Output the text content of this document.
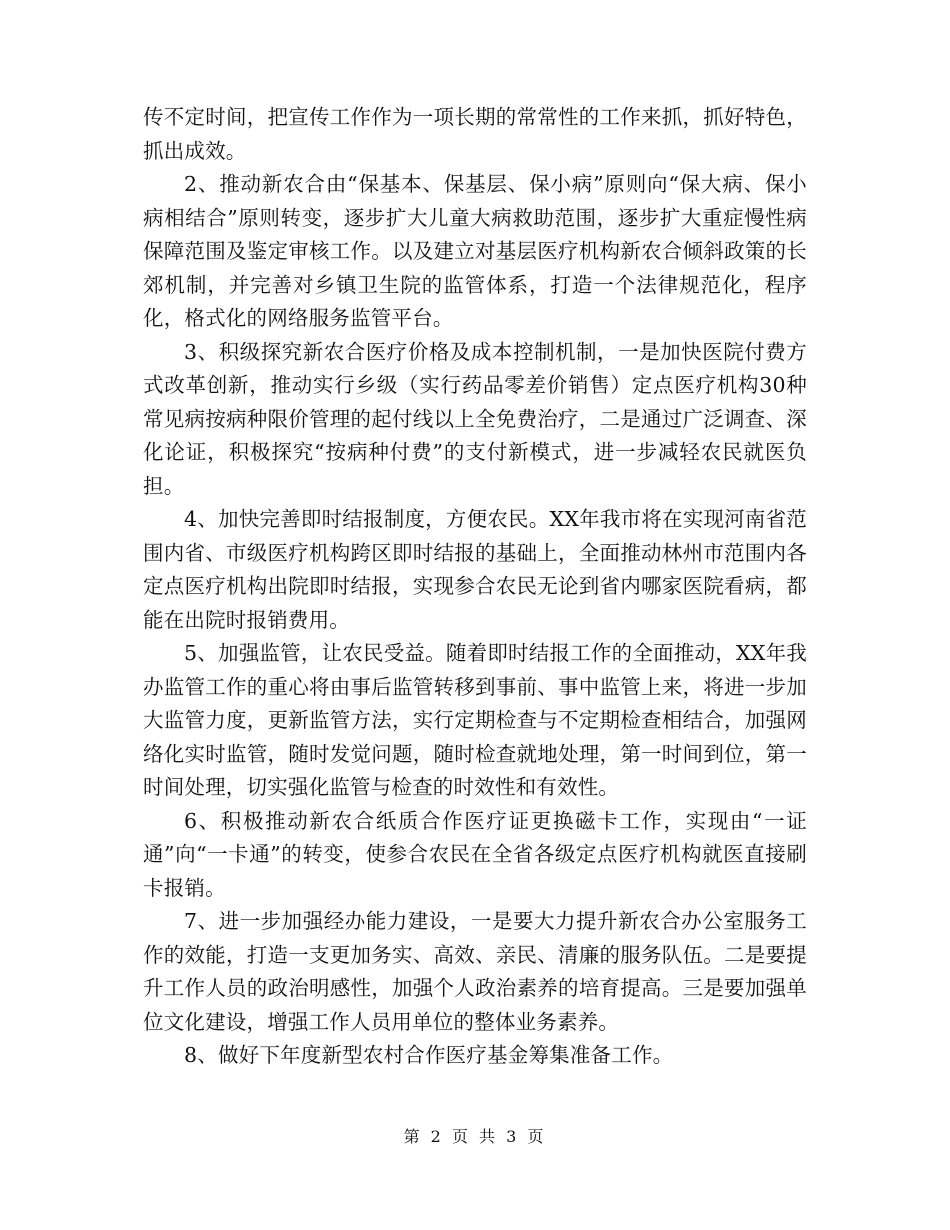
传不定时间，把宣传工作作为一项长期的常常性的工作来抓，抓好特色，抓出成效。

2、推动新农合由“保基本、保基层、保小病”原则向“保大病、保小病相结合”原则转变，逐步扩大儿童大病救助范围，逐步扩大重症慢性病保障范围及鉴定审核工作。以及建立对基层医疗机构新农合倾斜政策的长郊机制，并完善对乡镇卫生院的监管体系，打造一个法律规范化，程序化，格式化的网络服务监管平台。

3、积级探究新农合医疗价格及成本控制机制，一是加快医院付费方式改革创新，推动实行乡级（实行药品零差价销售）定点医疗机构30种常见病按病种限价管理的起付线以上全免费治疗，二是通过广泛调查、深化论证，积极探究“按病种付费”的支付新模式，进一步减轻农民就医负担。

4、加快完善即时结报制度，方便农民。XX年我市将在实现河南省范围内省、市级医疗机构跨区即时结报的基础上，全面推动林州市范围内各定点医疗机构出院即时结报，实现参合农民无论到省内哪家医院看病，都能在出院时报销费用。

5、加强监管，让农民受益。随着即时结报工作的全面推动，XX年我办监管工作的重心将由事后监管转移到事前、事中监管上来，将进一步加大监管力度，更新监管方法，实行定期检查与不定期检查相结合，加强网络化实时监管，随时发觉问题，随时检查就地处理，第一时间到位，第一时间处理，切实强化监管与检查的时效性和有效性。

6、积极推动新农合纸质合作医疗证更换磁卡工作，实现由“一证通”向“一卡通”的转变，使参合农民在全省各级定点医疗机构就医直接刷卡报销。

7、进一步加强经办能力建设，一是要大力提升新农合办公室服务工作的效能，打造一支更加务实、高效、亲民、清廉的服务队伍。二是要提升工作人员的政治明感性，加强个人政治素养的培育提高。三是要加强单位文化建设，增强工作人员用单位的整体业务素养。

8、做好下年度新型农村合作医疗基金筹集准备工作。

第 2 页 共 3 页
